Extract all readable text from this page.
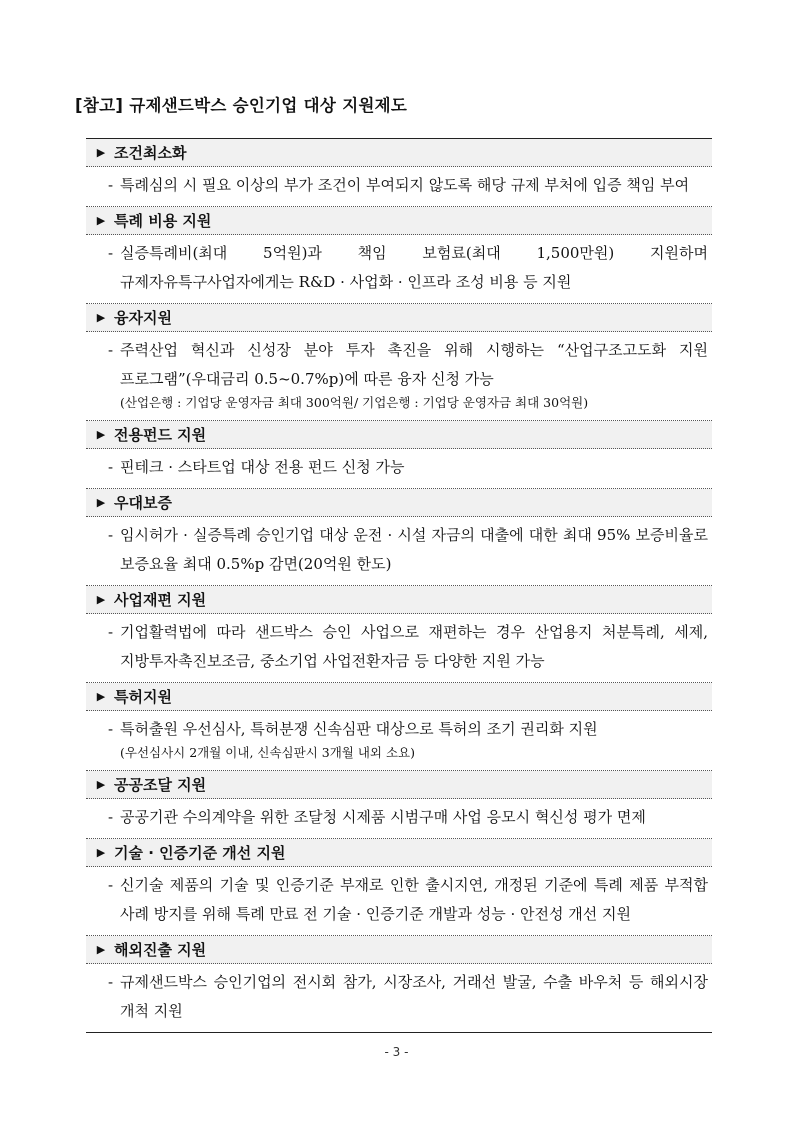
[참고] 규제샌드박스 승인기업 대상 지원제도
▶ 조건최소화
- 특례심의 시 필요 이상의 부가 조건이 부여되지 않도록 해당 규제 부처에 입증 책임 부여
▶ 특례 비용 지원
- 실증특례비(최대 5억원)과 책임 보험료(최대 1,500만원) 지원하며 규제자유특구사업자에게는 R&D · 사업화 · 인프라 조성 비용 등 지원
▶ 융자지원
- 주력산업 혁신과 신성장 분야 투자 촉진을 위해 시행하는 “산업구조고도화 지원 프로그램”(우대금리 0.5~0.7%p)에 따른 융자 신청 가능
(산업은행 : 기업당 운영자금 최대 300억원/ 기업은행 : 기업당 운영자금 최대 30억원)
▶ 전용펀드 지원
- 핀테크 · 스타트업 대상 전용 펀드 신청 가능
▶ 우대보증
- 임시허가 · 실증특례 승인기업 대상 운전 · 시설 자금의 대출에 대한 최대 95% 보증비율로 보증요율 최대 0.5%p 감면(20억원 한도)
▶ 사업재편 지원
- 기업활력법에 따라 샌드박스 승인 사업으로 재편하는 경우 산업용지 처분특례, 세제, 지방투자촉진보조금, 중소기업 사업전환자금 등 다양한 지원 가능
▶ 특허지원
- 특허출원 우선심사, 특허분쟁 신속심판 대상으로 특허의 조기 권리화 지원
(우선심사시 2개월 이내, 신속심판시 3개월 내외 소요)
▶ 공공조달 지원
- 공공기관 수의계약을 위한 조달청 시제품 시범구매 사업 응모시 혁신성 평가 면제
▶ 기술 · 인증기준 개선 지원
- 신기술 제품의 기술 및 인증기준 부재로 인한 출시지연, 개정된 기준에 특례 제품 부적합 사례 방지를 위해 특례 만료 전 기술 · 인증기준 개발과 성능 · 안전성 개선 지원
▶ 해외진출 지원
- 규제샌드박스 승인기업의 전시회 참가, 시장조사, 거래선 발굴, 수출 바우처 등 해외시장 개척 지원
- 3 -
